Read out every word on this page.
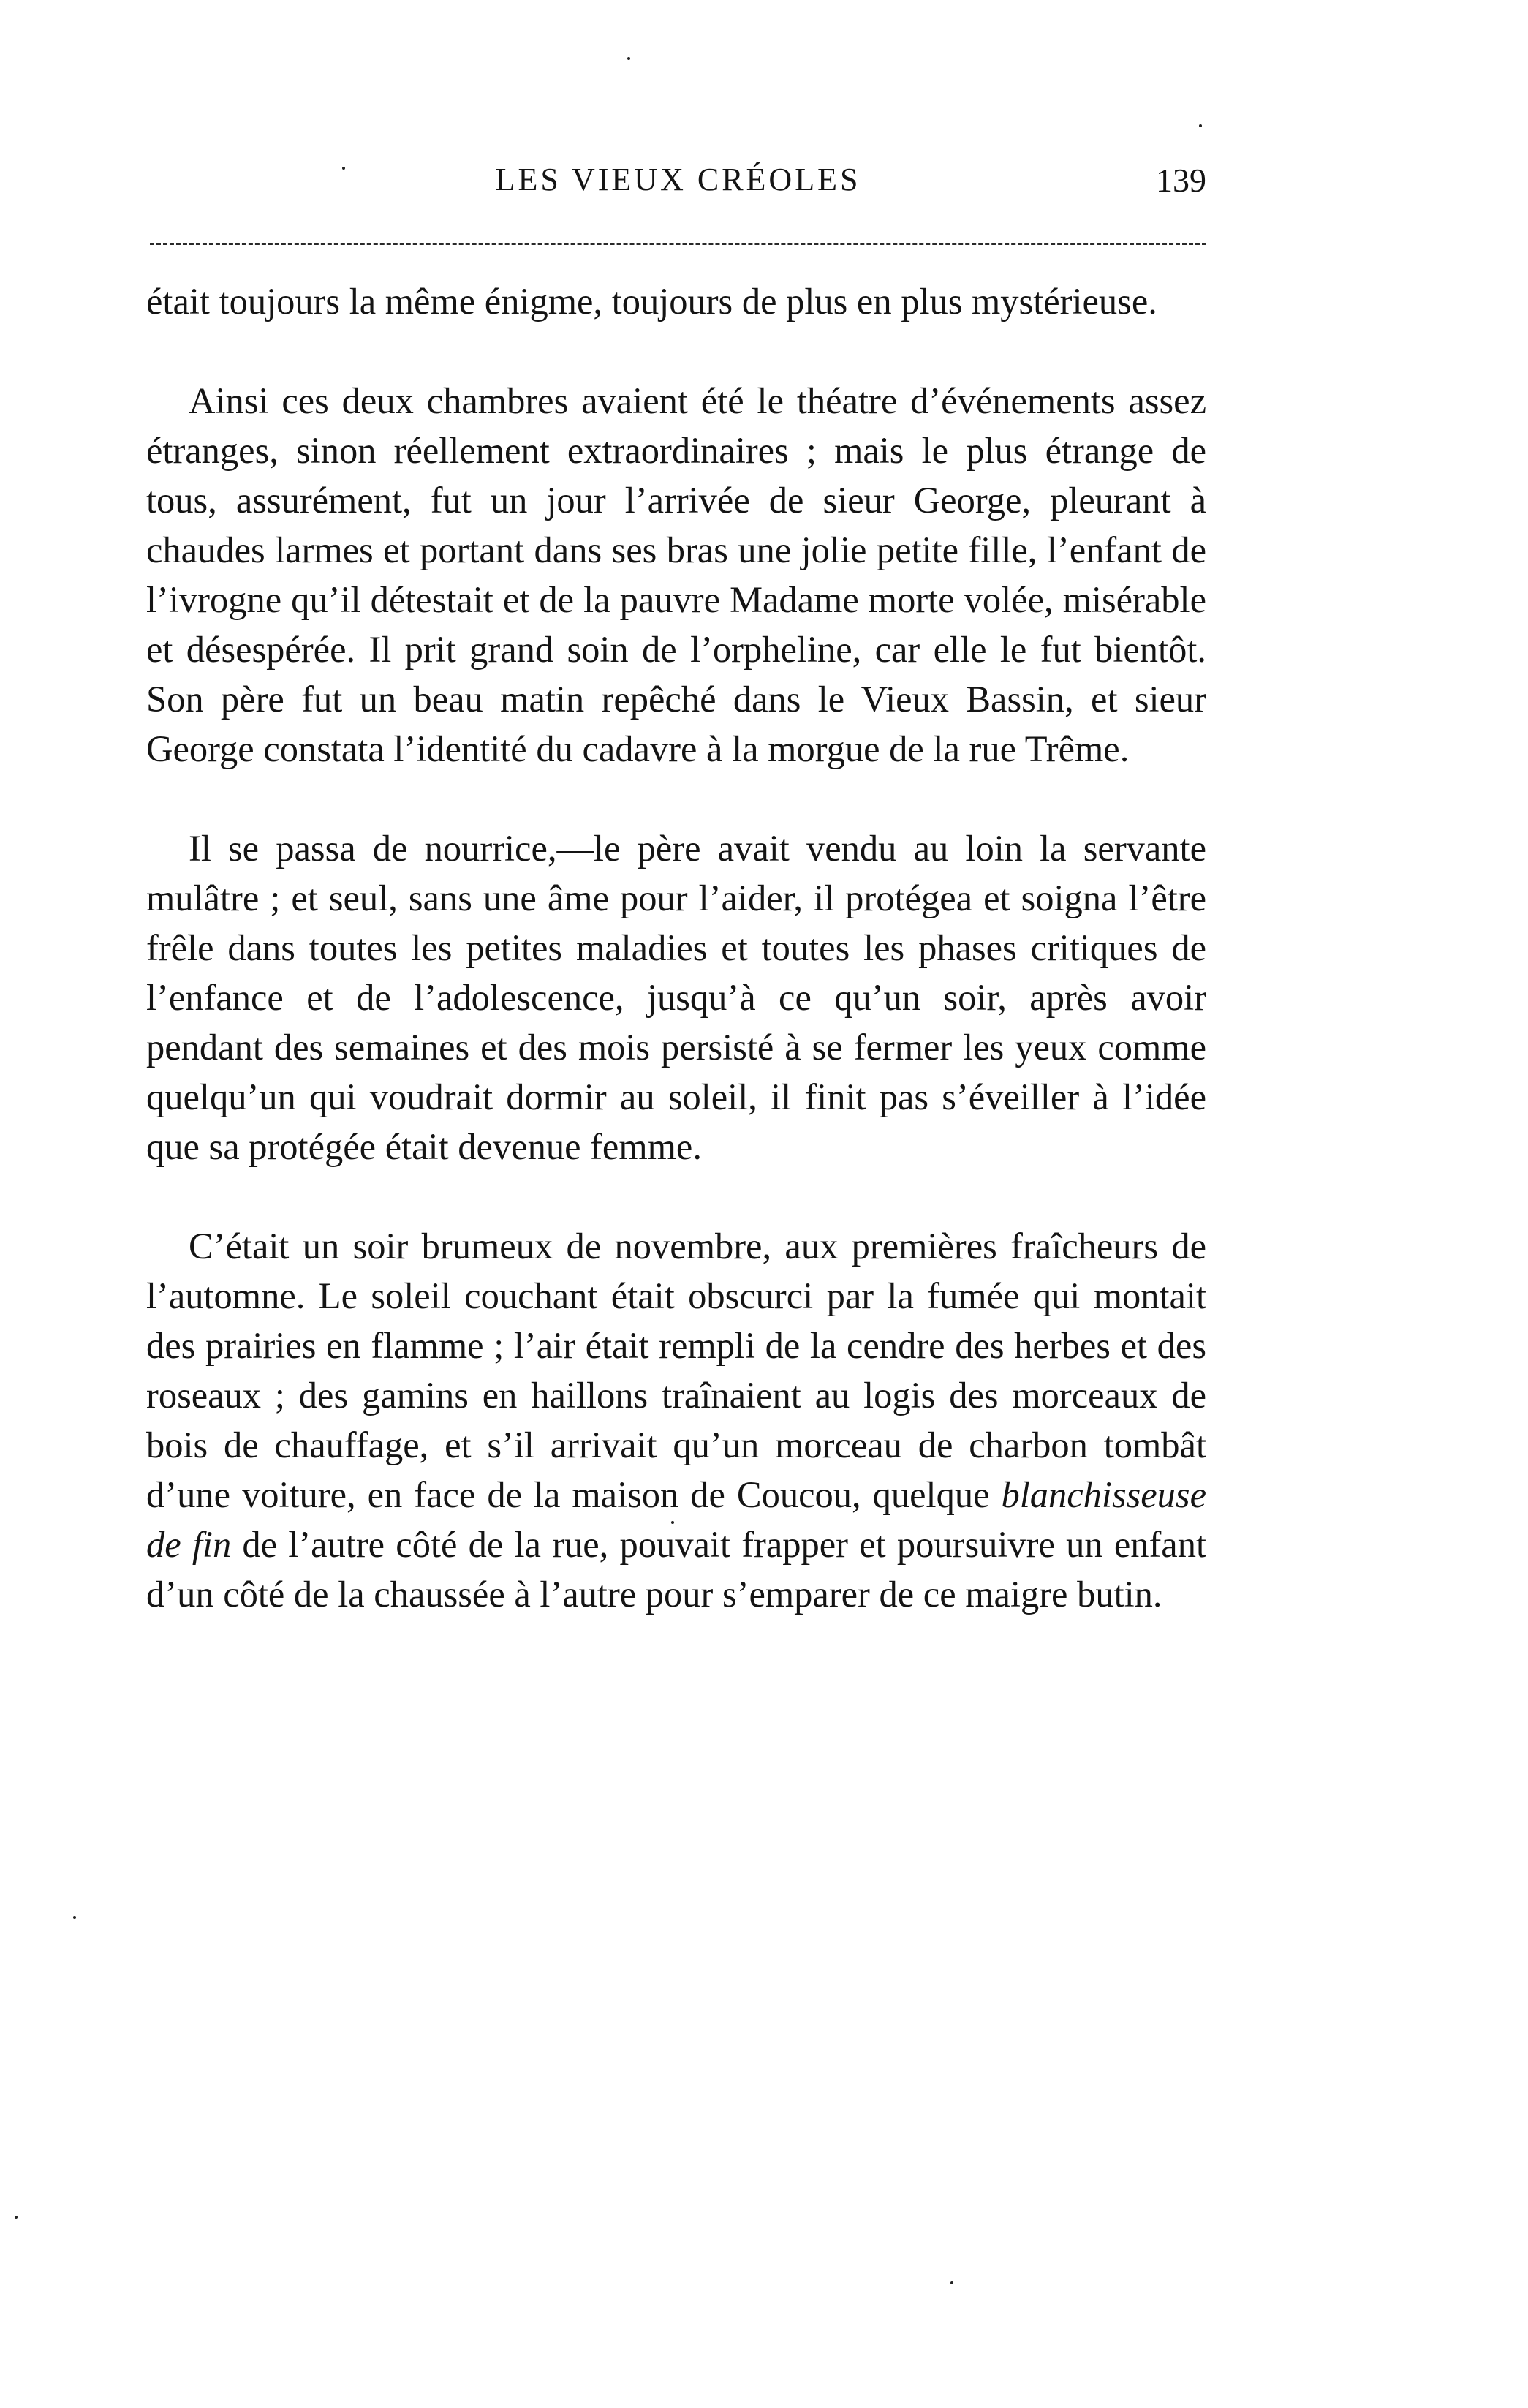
LES VIEUX CRÉOLES	139

était toujours la même énigme, toujours de plus en plus mystérieuse.

Ainsi ces deux chambres avaient été le théatre d’événements assez étranges, sinon réellement extraordinaires ; mais le plus étrange de tous, assurément, fut un jour l’arrivée de sieur George, pleurant à chaudes larmes et portant dans ses bras une jolie petite fille, l’enfant de l’ivrogne qu’il détestait et de la pauvre Madame morte volée, misérable et désespérée. Il prit grand soin de l’orpheline, car elle le fut bientôt. Son père fut un beau matin repêché dans le Vieux Bassin, et sieur George constata l’identité du cadavre à la morgue de la rue Trême.

Il se passa de nourrice,—le père avait vendu au loin la servante mulâtre ; et seul, sans une âme pour l’aider, il protégea et soigna l’être frêle dans toutes les petites maladies et toutes les phases critiques de l’enfance et de l’adolescence, jusqu’à ce qu’un soir, après avoir pendant des semaines et des mois persisté à se fermer les yeux comme quelqu’un qui voudrait dormir au soleil, il finit pas s’éveiller à l’idée que sa protégée était devenue femme.

C’était un soir brumeux de novembre, aux premières fraîcheurs de l’automne. Le soleil couchant était obscurci par la fumée qui montait des prairies en flamme ; l’air était rempli de la cendre des herbes et des roseaux ; des gamins en haillons traînaient au logis des morceaux de bois de chauffage, et s’il arrivait qu’un morceau de charbon tombât d’une voiture, en face de la maison de Coucou, quelque blanchisseuse de fin de l’autre côté de la rue, pouvait frapper et poursuivre un enfant d’un côté de la chaussée à l’autre pour s’emparer de ce maigre butin.
